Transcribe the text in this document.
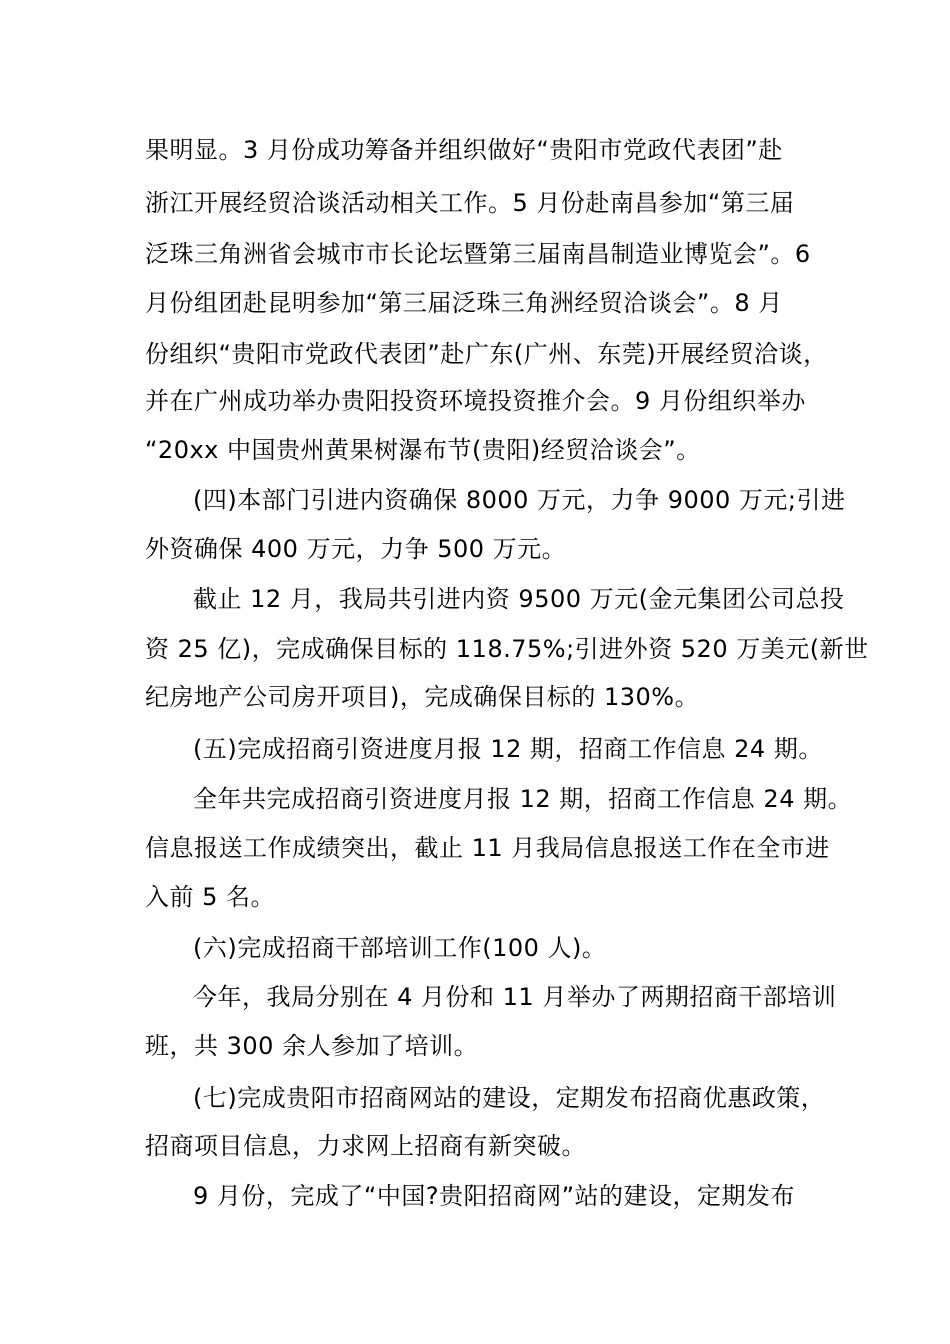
果明显。3 月份成功筹备并组织做好“贵阳市党政代表团”赴
浙江开展经贸洽谈活动相关工作。5 月份赴南昌参加“第三届
泛珠三角洲省会城市市长论坛暨第三届南昌制造业博览会”。6
月份组团赴昆明参加“第三届泛珠三角洲经贸洽谈会”。8 月
份组织“贵阳市党政代表团”赴广东(广州、东莞)开展经贸洽谈，
并在广州成功举办贵阳投资环境投资推介会。9 月份组织举办
“20xx 中国贵州黄果树瀑布节(贵阳)经贸洽谈会”。
(四)本部门引进内资确保 8000 万元，力争 9000 万元;引进
外资确保 400 万元，力争 500 万元。
截止 12 月，我局共引进内资 9500 万元(金元集团公司总投
资 25 亿)，完成确保目标的 118.75%;引进外资 520 万美元(新世
纪房地产公司房开项目)，完成确保目标的 130%。
(五)完成招商引资进度月报 12 期，招商工作信息 24 期。
全年共完成招商引资进度月报 12 期，招商工作信息 24 期。
信息报送工作成绩突出，截止 11 月我局信息报送工作在全市进
入前 5 名。
(六)完成招商干部培训工作(100 人)。
今年，我局分别在 4 月份和 11 月举办了两期招商干部培训
班，共 300 余人参加了培训。
(七)完成贵阳市招商网站的建设，定期发布招商优惠政策，
招商项目信息，力求网上招商有新突破。
9 月份，完成了“中国?贵阳招商网”站的建设，定期发布
